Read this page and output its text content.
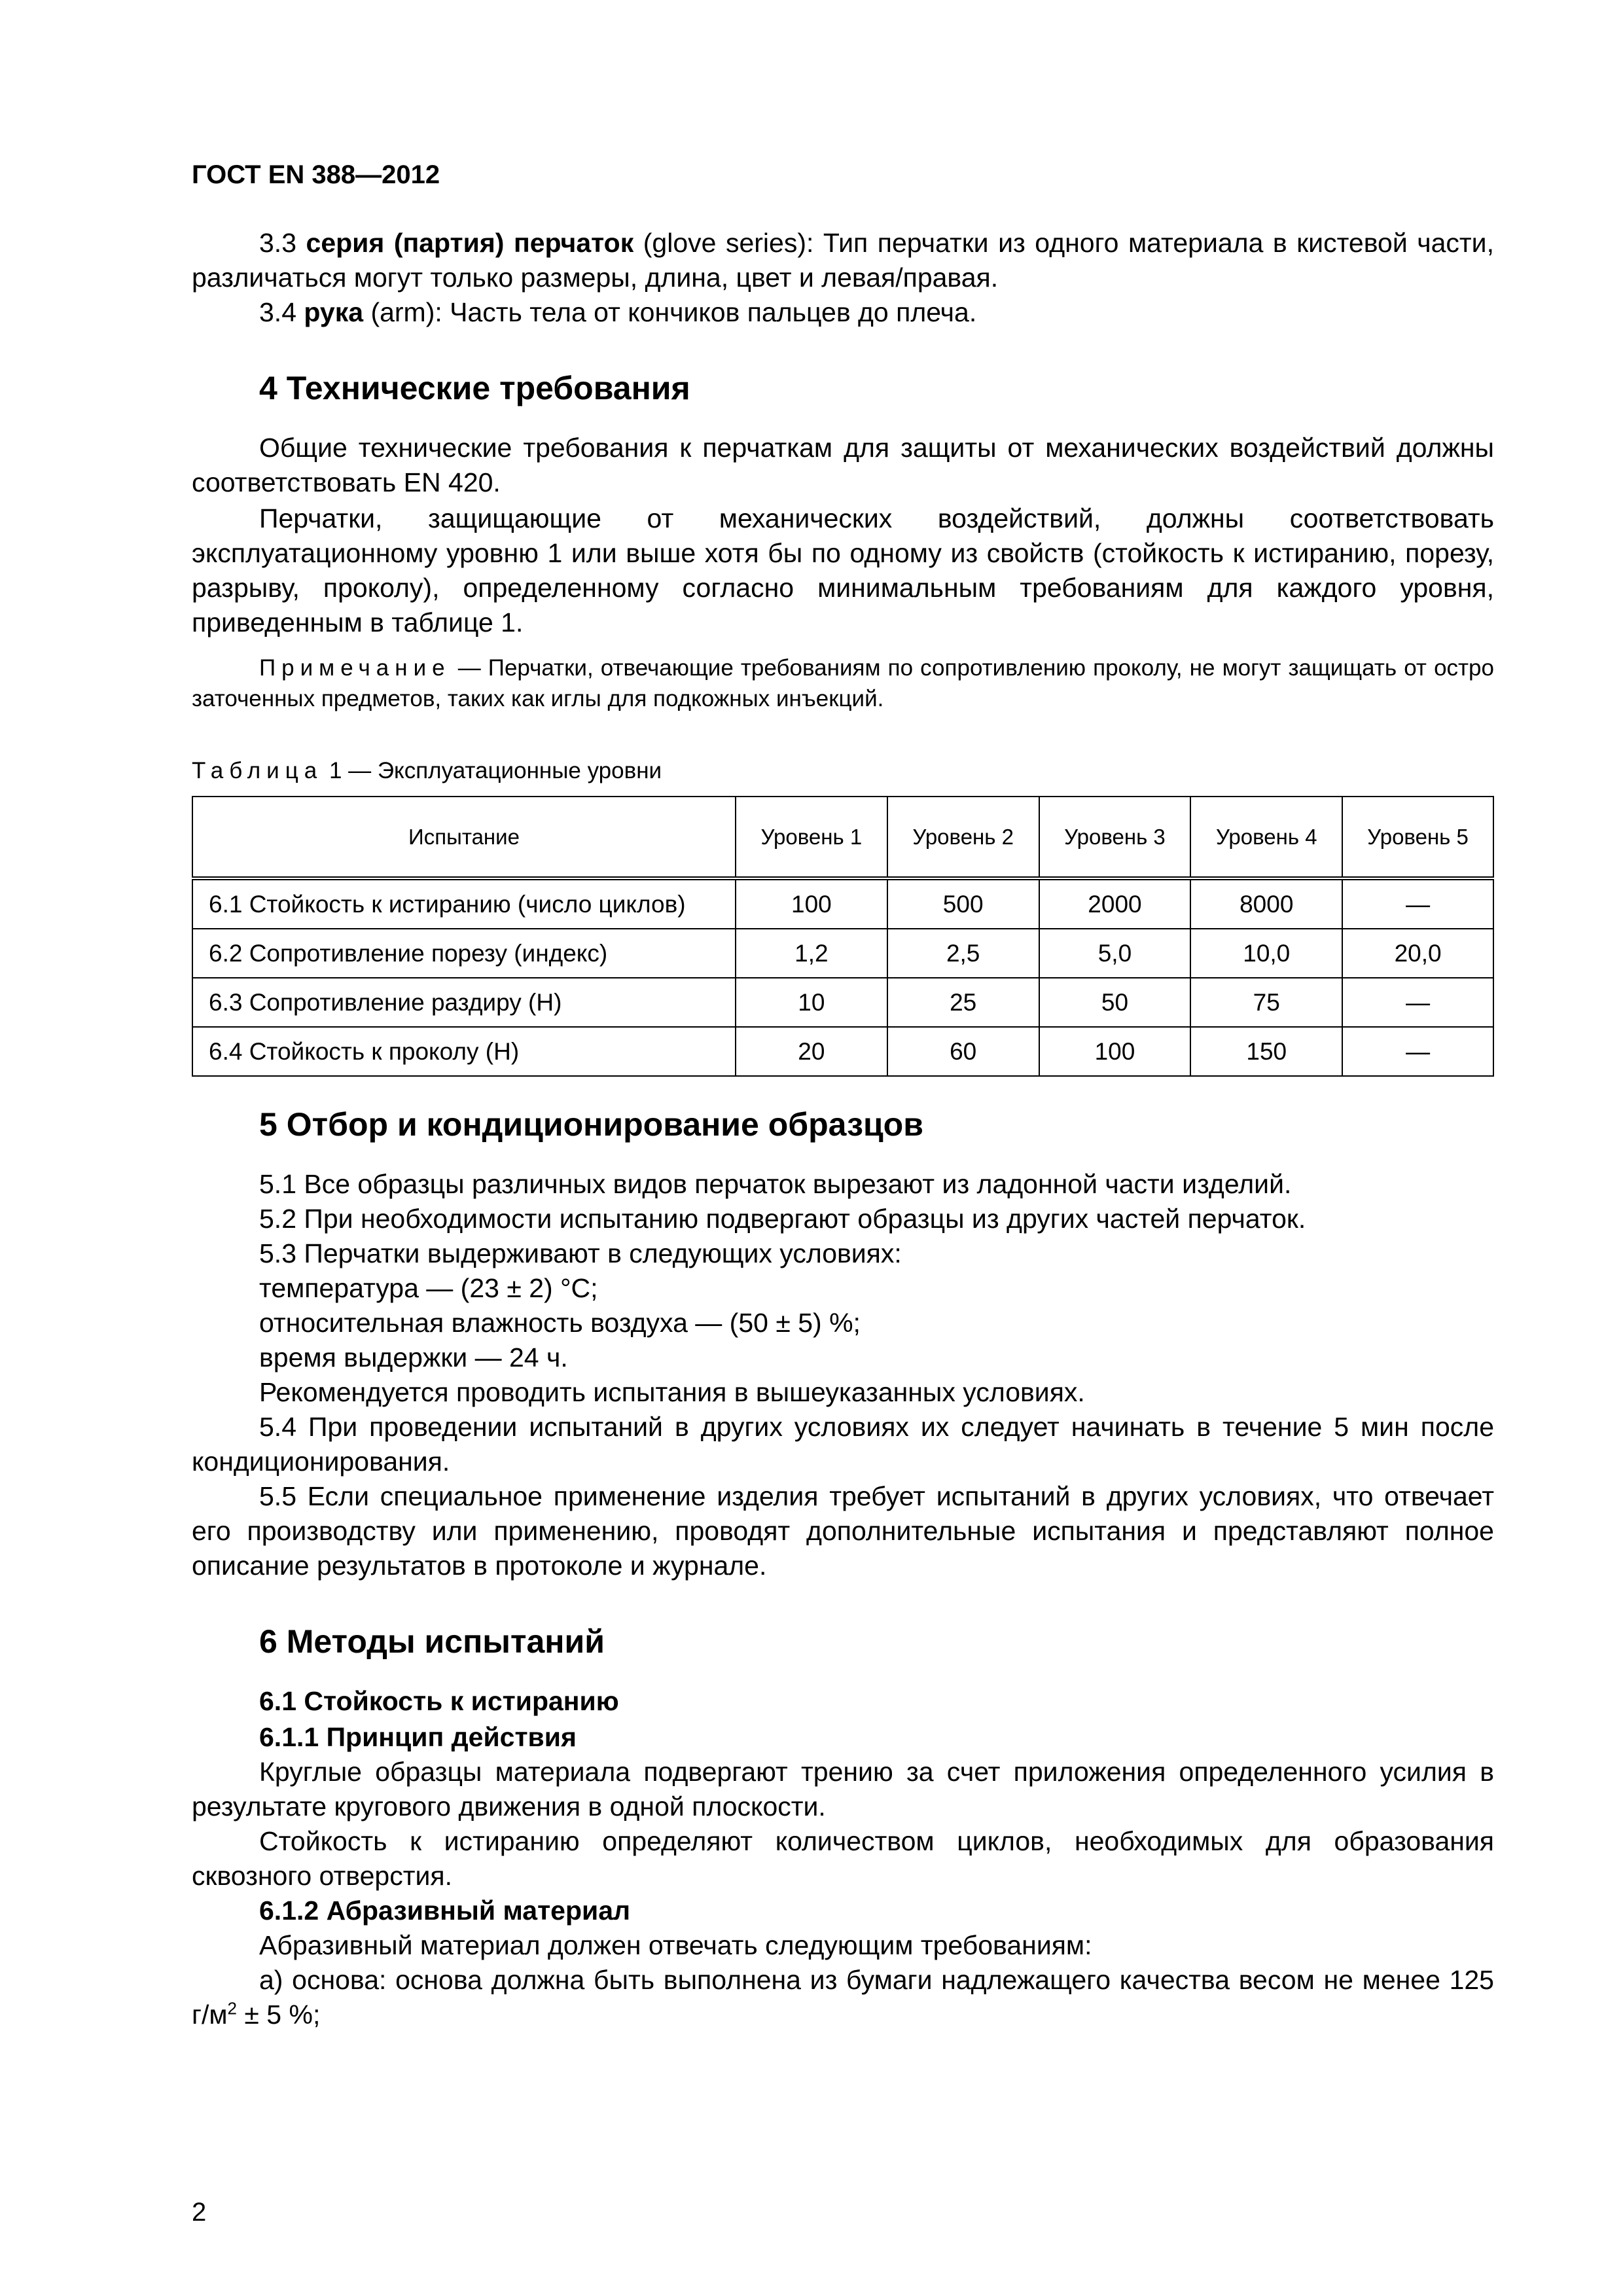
ГОСТ EN 388—2012

3.3 серия (партия) перчаток (glove series): Тип перчатки из одного материала в кистевой части, различаться могут только размеры, длина, цвет и левая/правая.

3.4 рука (arm): Часть тела от кончиков пальцев до плеча.

4 Технические требования

Общие технические требования к перчаткам для защиты от механических воздействий должны соответствовать EN 420.

Перчатки, защищающие от механических воздействий, должны соответствовать эксплуатационному уровню 1 или выше хотя бы по одному из свойств (стойкость к истиранию, порезу, разрыву, проколу), определенному согласно минимальным требованиям для каждого уровня, приведенным в таблице 1.

Примечание — Перчатки, отвечающие требованиям по сопротивлению проколу, не могут защищать от остро заточенных предметов, таких как иглы для подкожных инъекций.

Таблица 1 — Эксплуатационные уровни
Испытание	Уровень 1	Уровень 2	Уровень 3	Уровень 4	Уровень 5
6.1 Стойкость к истиранию (число циклов)	100	500	2000	8000	—
6.2 Сопротивление порезу (индекс)	1,2	2,5	5,0	10,0	20,0
6.3 Сопротивление раздиру (Н)	10	25	50	75	—
6.4 Стойкость к проколу (Н)	20	60	100	150	—
5 Отбор и кондиционирование образцов

5.1 Все образцы различных видов перчаток вырезают из ладонной части изделий.

5.2 При необходимости испытанию подвергают образцы из других частей перчаток.

5.3 Перчатки выдерживают в следующих условиях:

температура — (23 ± 2) °С;

относительная влажность воздуха — (50 ± 5) %;

время выдержки — 24 ч.

Рекомендуется проводить испытания в вышеуказанных условиях.

5.4 При проведении испытаний в других условиях их следует начинать в течение 5 мин после кондиционирования.

5.5 Если специальное применение изделия требует испытаний в других условиях, что отвечает его производству или применению, проводят дополнительные испытания и представляют полное описание результатов в протоколе и журнале.

6 Методы испытаний
6.1 Стойкость к истиранию
6.1.1 Принцип действия

Круглые образцы материала подвергают трению за счет приложения определенного усилия в результате кругового движения в одной плоскости.

Стойкость к истиранию определяют количеством циклов, необходимых для образования сквозного отверстия.

6.1.2 Абразивный материал

Абразивный материал должен отвечать следующим требованиям:

а) основа: основа должна быть выполнена из бумаги надлежащего качества весом не менее 125 $г/м^2 \pm 5$ %;

2
